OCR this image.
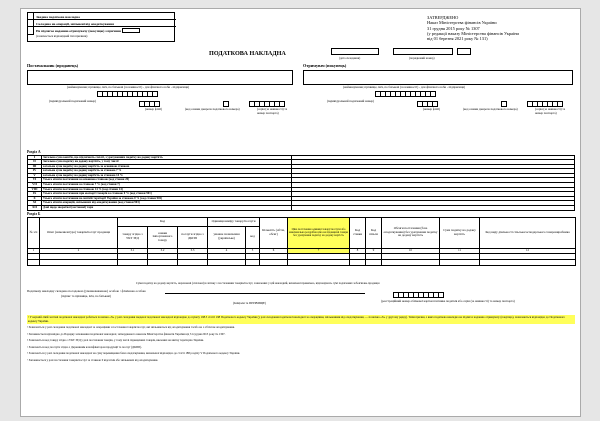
Зведена податкова накладна
Складена на операції, звільнені від оподаткування
Не підлягає наданню отримувачу (покупцю) з причини
(зазначається відповідний тип причини)
ЗАТВЕРДЖЕНО
Наказ Міністерства фінансів України
31 грудня 2015 року № 1307
(у редакції наказу Міністерства фінансів України
від 01 березня 2021 року № 131)
ПОДАТКОВА НАКЛАДНА
(дата складання)	(порядковий номер)
Постачальник (продавець)
(найменування; прізвище, ім'я, по батькові (за наявності) - для фізичної особи - підприємця)
(індивідуальний податковий номер)
(номер філії)	(код ознаки джерела податкового номера)	(серія (за наявності) та номер паспорта)
Отримувач (покупець)
(найменування; прізвище, ім'я, по батькові (за наявності) - для фізичної особи - підприємця)
(індивідуальний податковий номер)
(номер філії)	(код ознаки джерела податкового номера)	(серія (за наявності) та номер паспорта)
Розділ А
I	Загальна сума коштів, що підлягають сплаті, з урахуванням податку на додану вартість	
II	Загальна сума податку на додану вартість, у тому числі:	
III	загальна сума податку на додану вартість за основною ставкою	
IV	загальна сума податку на додану вартість за ставкою 7 %	
V	загальна сума податку на додану вартість за ставкою 14 %	
VI	Усього обсяги постачання за основною ставкою (код ставки 20)	
VII	Усього обсяги постачання за ставкою 7 % (код ставки 7)	
VIII	Усього обсяги постачання за ставкою 14 % (код ставки 14)	
IX	Усього обсяги постачання при експорті товарів за ставкою 0 % (код ставки 901)	
X	Усього обсяги постачання на митній території України за ставкою 0 % (код ставки 902)	
XI	Усього обсяги операцій, звільнених від оподаткування (код ставки 903)	
XII	Дані щодо зворотної (заставної) тари	
Розділ Б
№ з/п	Опис (номенклатура) товарів/послуг продавця	Код			Одиниця виміру товару/послуги		Кількість (об'єм, обсяг)	Ціна постачання одиниці товару/послуги або максимальна роздрібна ціна на підакцизні товари без урахування податку на додану вартість	Код ставки	Код пільги	Обсяги постачання (база оподаткування) без урахування податку на додану вартість	Сума податку на додану вартість	Код виду діяльності сільськогосподарського товаровиробника
		товару згідно з УКТ ЗЕД	ознаки імпортованого товару	послуги згідно з ДКПП	умовне позначення (українське)	код							

1	2	3.1	3.2	3.3	4	5	6	7	8	9	10	11	12

Суми податку на додану вартість, нараховані (сплачені) в зв'язку з постачанням товарів/послуг, зазначених у цій накладній, визначені правильно, відповідають сумі податкових зобов'язань продавця
Податкову накладну складено посадовою (уповноваженою) особою / фізичною особою
(підпис та прізвище, ім'я, по батькові)
(Ініціали та ПРІЗВИЩЕ)	(реєстраційний номер облікової картки платника податків або серія (за наявності) та номер паспорта)
¹ У верхній лівій частині податкової накладної робиться позначка «Х» у разі складання зведеної податкової накладної відповідно до пункту 198.5 статті 198 Податкового кодексу України (у разі складання податкової накладної за операціями, звільненими від оподаткування, — позначка «Х» у другому рядку). Типи причин, з яких податкова накладна не підлягає наданню отримувачу (покупцю), зазначаються відповідно до Податкового кодексу України.
² Зазначається у разі складання податкової накладної за операціями з постачання товарів/послуг, які звільняються від оподаткування та/або не є об'єктом оподаткування.
³ Заповнюється відповідно до Порядку заповнення податкової накладної, затвердженого наказом Міністерства фінансів України від 31 грудня 2015 року № 1307.
⁴ Зазначається код товару згідно з УКТ ЗЕД у разі постачання товарів, у тому числі підакцизних товарів, ввезених на митну територію України.
⁵ Зазначається код послуги згідно з Державним класифікатором продукції та послуг (ДКПП).
⁶ Зазначається у разі складання податкової накладної на суму перевищення бази оподаткування, визначеної відповідно до статті 188 розділу V Податкового кодексу України.
⁷ Заповнюється у разі постачання товарів/послуг за ставкою 0 відсотків або звільнених від оподаткування.
